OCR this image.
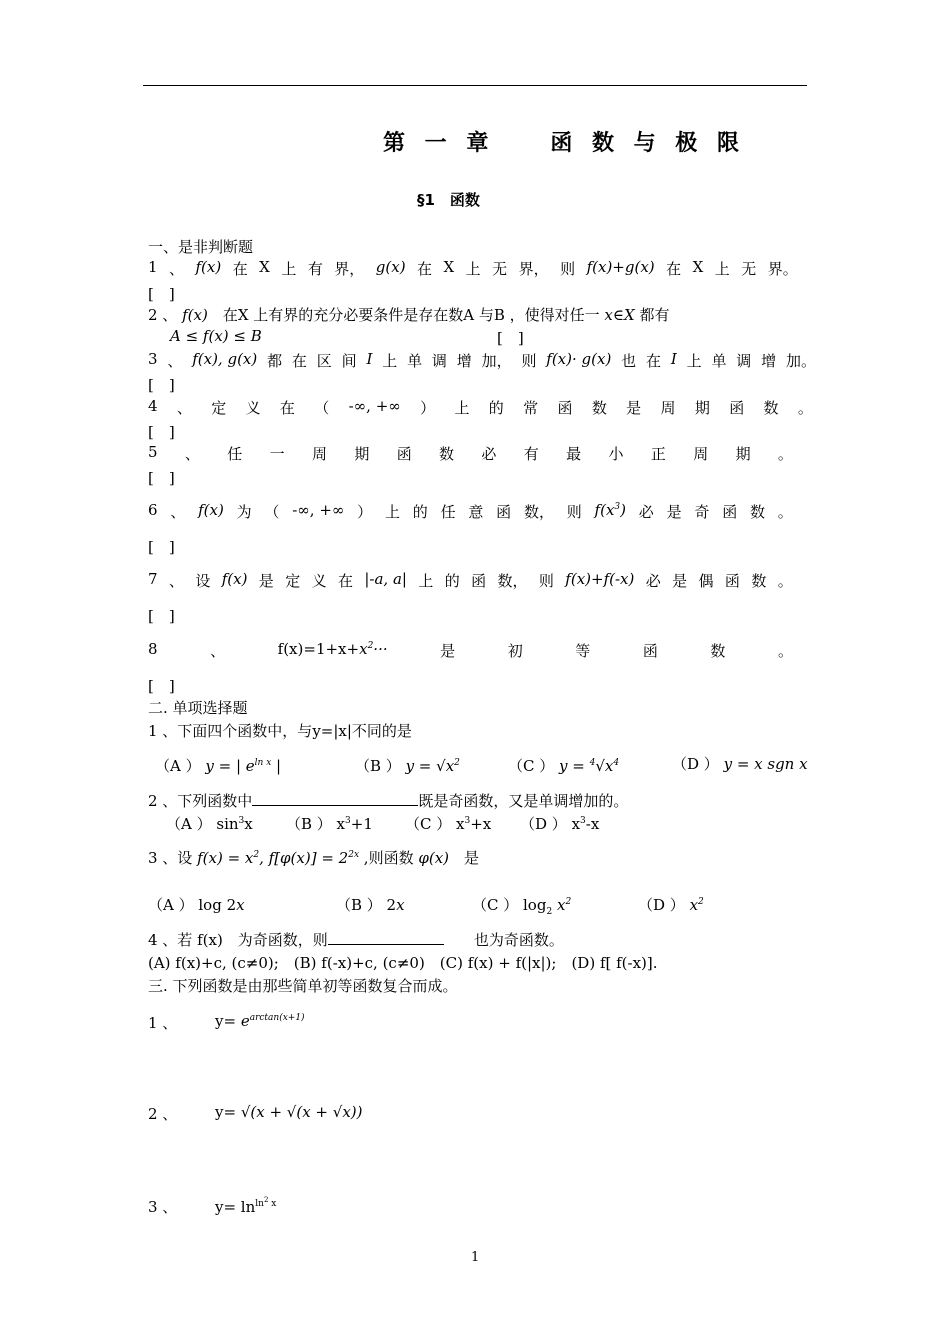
第 一 章　　函 数 与 极 限
§1　函数
一、是非判断题
1 、 f(x) 在 X 上 有 界， g(x) 在 X 上 无 界， 则 f(x)+g(x) 在 X 上 无 界。
[　]
2 、 f(x)　在X 上有界的充分必要条件是存在数A 与B ，使得对任一 x∈X 都有
A ≤ f(x) ≤ B	[　]
3 、 f(x), g(x) 都 在 区 间 I 上 单 调 增 加， 则 f(x)· g(x) 也 在 I 上 单 调 增 加。
[　]
4 、 定 义 在 （ -∞, +∞ ） 上 的 常 函 数 是 周 期 函 数 。
[　]
5 、 任 一 周 期 函 数 必 有 最 小 正 周 期 。
[　]
6 、 f(x) 为 （ -∞, +∞ ） 上 的 任 意 函 数， 则 $f(x^3)$ 必 是 奇 函 数 。
[　]
7 、 设 f(x) 是 定 义 在 |-a, a| 上 的 函 数， 则 f(x)+f(-x) 必 是 偶 函 数 。
[　]
8	、	$f(x)=1+x+x^2\cdot\cdot\cdot$	是	初	等	函	数	。
[　]
二. 单项选择题
1 、下面四个函数中，与y=|x|不同的是
（A ） y = | $e^{ln x}$ |	（B ） $y = √x^2$	（C ） $y = ^4√x^4$	（D ） y = x sgn x
2 、下列函数中	既是奇函数，又是单调增加的。
（A ） $\sin^3x$ （B ） $x^3+1$ （C ） $x^3+x$ （D ） $x^3-x$
3 、设 $f(x) = x^2$, $f[\varphi(x)] = 2^{2x}$ ,则函数 φ(x)　是
（A ） log 2x	（B ） 2x	（C ） $\log_2 x^2$	（D ） $x^2$
4 、若 f(x)　为奇函数，则　　	也为奇函数。
(A) f(x)+c, (c≠0);　(B) f(-x)+c, (c≠0)　(C) f(x) + f(|x|);　(D) f[ f(-x)].
三. 下列函数是由那些简单初等函数复合而成。
1 、	$y= e^{arctan(x+1)}$
2 、	y= √(x + √(x + √x))
3 、	$y= \ln^{ln^2 x}$
1
